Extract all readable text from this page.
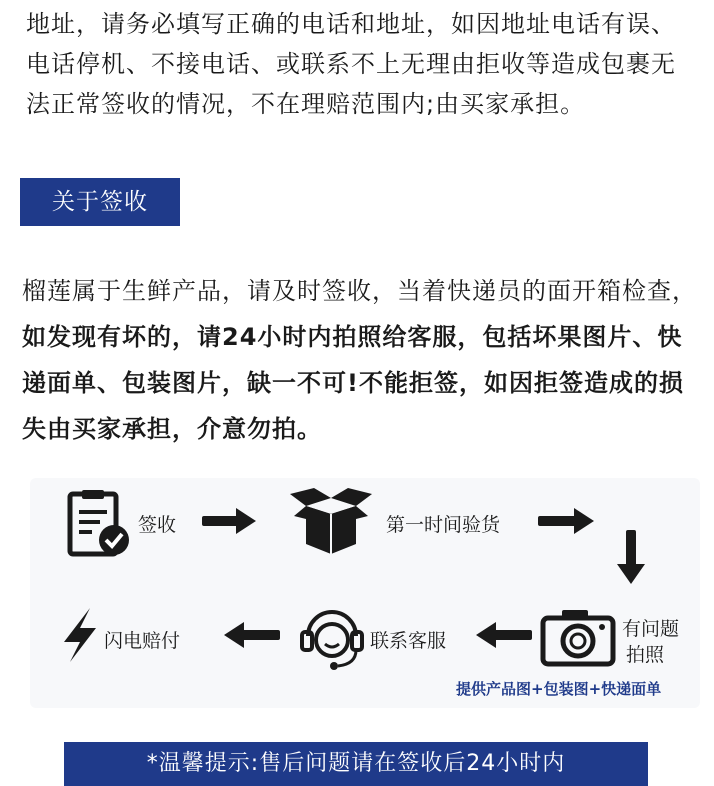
地址，请务必填写正确的电话和地址，如因地址电话有误、电话停机、不接电话、或联系不上无理由拒收等造成包裹无法正常签收的情况，不在理赔范围内;由买家承担。
关于签收
榴莲属于生鲜产品，请及时签收，当着快递员的面开箱检查，如发现有坏的，请24小时内拍照给客服，包括坏果图片、快递面单、包装图片，缺一不可!不能拒签，如因拒签造成的损失由买家承担，介意勿拍。
签收	第一时间验货
有问题
拍照
联系客服
闪电赔付
提供产品图+包装图+快递面单
*温馨提示:售后问题请在签收后24小时内
